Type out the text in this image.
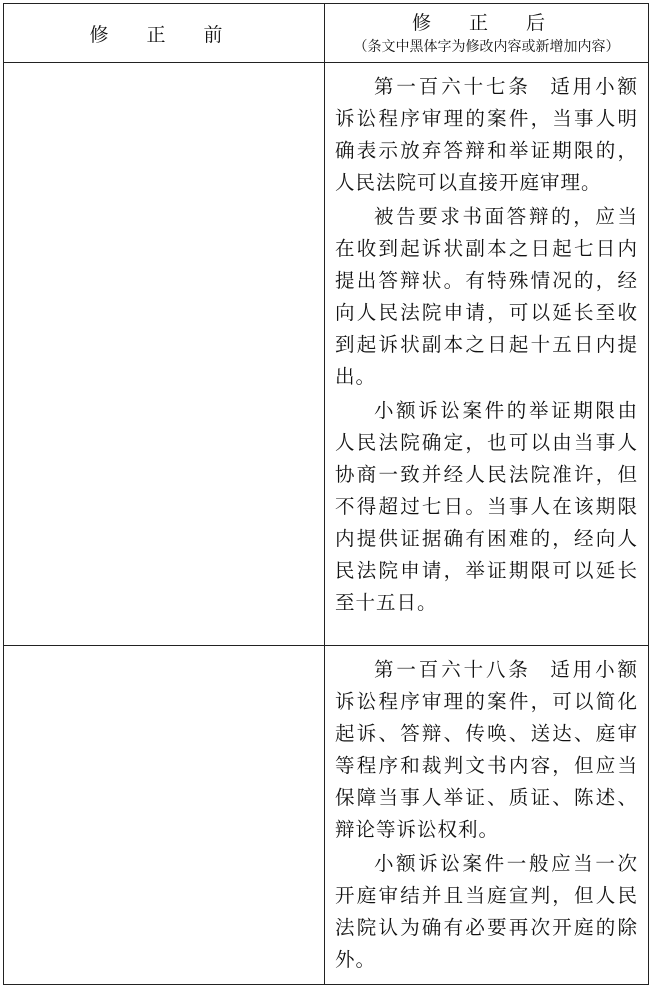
修 正 前	修 正 后
（条文中黑体字为修改内容或新增加内容）

	第一百六十七条 适用小额诉讼程序审理的案件，当事人明确表示放弃答辩和举证期限的，人民法院可以直接开庭审理。

被告要求书面答辩的，应当在收到起诉状副本之日起七日内提出答辩状。有特殊情况的，经向人民法院申请，可以延长至收到起诉状副本之日起十五日内提出。

小额诉讼案件的举证期限由人民法院确定，也可以由当事人协商一致并经人民法院准许，但不得超过七日。当事人在该期限内提供证据确有困难的，经向人民法院申请，举证期限可以延长至十五日。

	第一百六十八条 适用小额诉讼程序审理的案件，可以简化起诉、答辩、传唤、送达、庭审等程序和裁判文书内容，但应当保障当事人举证、质证、陈述、辩论等诉讼权利。

小额诉讼案件一般应当一次开庭审结并且当庭宣判，但人民法院认为确有必要再次开庭的除外。
